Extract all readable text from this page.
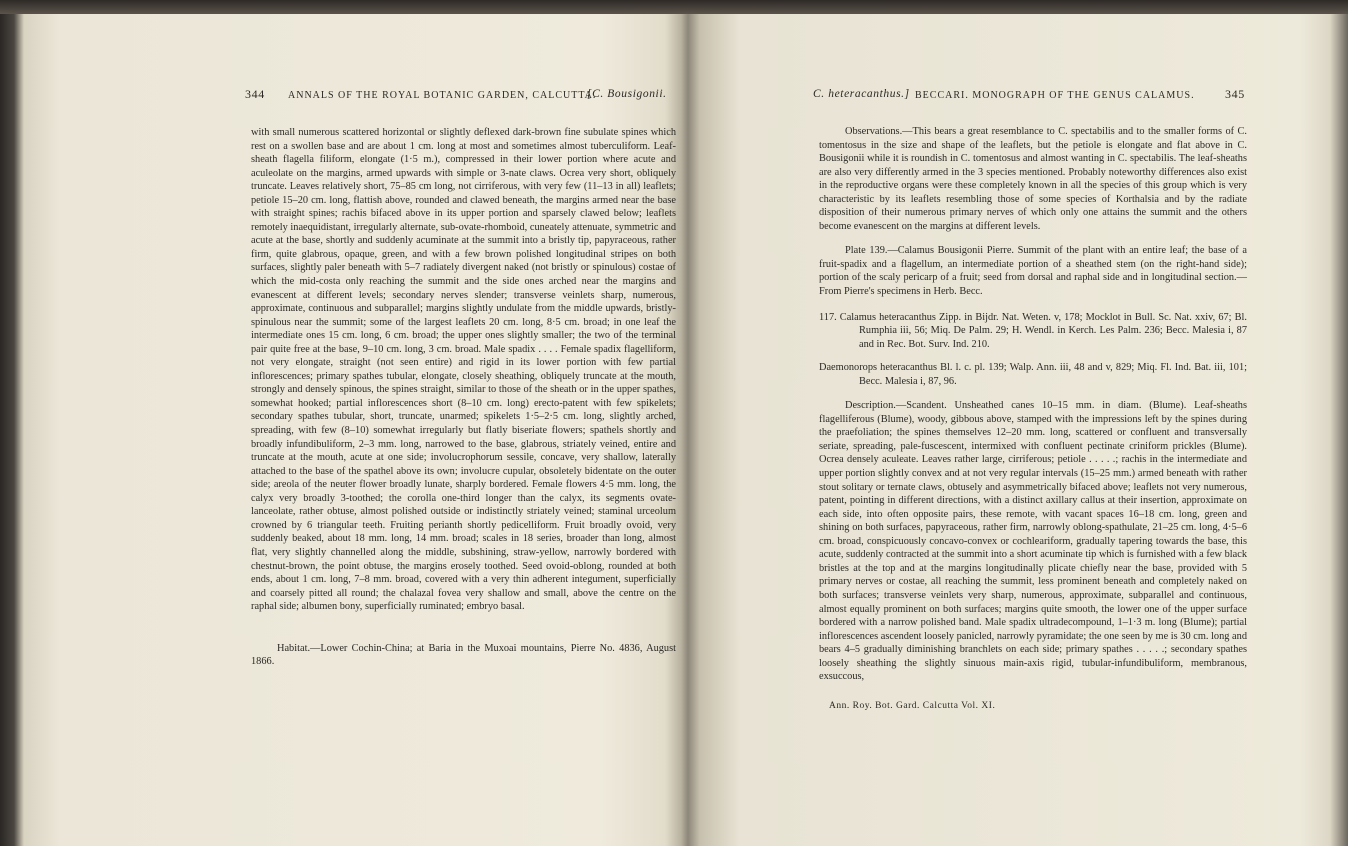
344 ANNALS OF THE ROYAL BOTANIC GARDEN, CALCUTTA.
[C. Bousigonii.

with small numerous scattered horizontal or slightly deflexed dark-brown fine subulate spines which rest on a swollen base and are about 1 cm. long at most and sometimes almost tuberculiform. Leaf-sheath flagella filiform, elongate (1·5 m.), compressed in their lower portion where acute and aculeolate on the margins, armed upwards with simple or 3-nate claws. Ocrea very short, obliquely truncate. Leaves relatively short, 75–85 cm long, not cirriferous, with very few (11–13 in all) leaflets; petiole 15–20 cm. long, flattish above, rounded and clawed beneath, the margins armed near the base with straight spines; rachis bifaced above in its upper portion and sparsely clawed below; leaflets remotely inaequidistant, irregularly alternate, sub-ovate-rhomboid, cuneately attenuate, symmetric and acute at the base, shortly and suddenly acuminate at the summit into a bristly tip, papyraceous, rather firm, quite glabrous, opaque, green, and with a few brown polished longitudinal stripes on both surfaces, slightly paler beneath with 5–7 radiately divergent naked (not bristly or spinulous) costae of which the mid-costa only reaching the summit and the side ones arched near the margins and evanescent at different levels; secondary nerves slender; transverse veinlets sharp, numerous, approximate, continuous and subparallel; margins slightly undulate from the middle upwards, bristly-spinulous near the summit; some of the largest leaflets 20 cm. long, 8·5 cm. broad; in one leaf the intermediate ones 15 cm. long, 6 cm. broad; the upper ones slightly smaller; the two of the terminal pair quite free at the base, 9–10 cm. long, 3 cm. broad. Male spadix . . . . Female spadix flagelliform, not very elongate, straight (not seen entire) and rigid in its lower portion with few partial inflorescences; primary spathes tubular, elongate, closely sheathing, obliquely truncate at the mouth, strongly and densely spinous, the spines straight, similar to those of the sheath or in the upper spathes, somewhat hooked; partial inflorescences short (8–10 cm. long) erecto-patent with few spikelets; secondary spathes tubular, short, truncate, unarmed; spikelets 1·5–2·5 cm. long, slightly arched, spreading, with few (8–10) somewhat irregularly but flatly biseriate flowers; spathels shortly and broadly infundibuliform, 2–3 mm. long, narrowed to the base, glabrous, striately veined, entire and truncate at the mouth, acute at one side; involucrophorum sessile, concave, very shallow, laterally attached to the base of the spathel above its own; involucre cupular, obsoletely bidentate on the outer side; areola of the neuter flower broadly lunate, sharply bordered. Female flowers 4·5 mm. long, the calyx very broadly 3-toothed; the corolla one-third longer than the calyx, its segments ovate-lanceolate, rather obtuse, almost polished outside or indistinctly striately veined; staminal urceolum crowned by 6 triangular teeth. Fruiting perianth shortly pedicelliform. Fruit broadly ovoid, very suddenly beaked, about 18 mm. long, 14 mm. broad; scales in 18 series, broader than long, almost flat, very slightly channelled along the middle, subshining, straw-yellow, narrowly bordered with chestnut-brown, the point obtuse, the margins erosely toothed. Seed ovoid-oblong, rounded at both ends, about 1 cm. long, 7–8 mm. broad, covered with a very thin adherent integument, superficially and coarsely pitted all round; the chalazal fovea very shallow and small, above the centre on the raphal side; albumen bony, superficially ruminated; embryo basal.

Habitat.—Lower Cochin-China; at Baria in the Muxoai mountains, Pierre No. 4836, August 1866.

C. heteracanthus.] BECCARI. MONOGRAPH OF THE GENUS CALAMUS.	345

Observations.—This bears a great resemblance to C. spectabilis and to the smaller forms of C. tomentosus in the size and shape of the leaflets, but the petiole is elongate and flat above in C. Bousigonii while it is roundish in C. tomentosus and almost wanting in C. spectabilis. The leaf-sheaths are also very differently armed in the 3 species mentioned. Probably noteworthy differences also exist in the reproductive organs were these completely known in all the species of this group which is very characteristic by its leaflets resembling those of some species of Korthalsia and by the radiate disposition of their numerous primary nerves of which only one attains the summit and the others become evanescent on the margins at different levels.

Plate 139.—Calamus Bousigonii Pierre. Summit of the plant with an entire leaf; the base of a fruit-spadix and a flagellum, an intermediate portion of a sheathed stem (on the right-hand side); portion of the scaly pericarp of a fruit; seed from dorsal and raphal side and in longitudinal section.—From Pierre's specimens in Herb. Becc.

117. Calamus heteracanthus Zipp. in Bijdr. Nat. Weten. v, 178; Mocklot in Bull. Sc. Nat. xxiv, 67; Bl. Rumphia iii, 56; Miq. De Palm. 29; H. Wendl. in Kerch. Les Palm. 236; Becc. Malesia i, 87 and in Rec. Bot. Surv. Ind. 210.

Daemonorops heteracanthus Bl. l. c. pl. 139; Walp. Ann. iii, 48 and v, 829; Miq. Fl. Ind. Bat. iii, 101; Becc. Malesia i, 87, 96.

Description.—Scandent. Unsheathed canes 10–15 mm. in diam. (Blume). Leaf-sheaths flagelliferous (Blume), woody, gibbous above, stamped with the impressions left by the spines during the praefoliation; the spines themselves 12–20 mm. long, scattered or confluent and transversally seriate, spreading, pale-fuscescent, intermixed with confluent pectinate criniform prickles (Blume). Ocrea densely aculeate. Leaves rather large, cirriferous; petiole . . . . .; rachis in the intermediate and upper portion slightly convex and at not very regular intervals (15–25 mm.) armed beneath with rather stout solitary or ternate claws, obtusely and asymmetrically bifaced above; leaflets not very numerous, patent, pointing in different directions, with a distinct axillary callus at their insertion, approximate on each side, into often opposite pairs, these remote, with vacant spaces 16–18 cm. long, green and shining on both surfaces, papyraceous, rather firm, narrowly oblong-spathulate, 21–25 cm. long, 4·5–6 cm. broad, conspicuously concavo-convex or cochleariform, gradually tapering towards the base, this acute, suddenly contracted at the summit into a short acuminate tip which is furnished with a few black bristles at the top and at the margins longitudinally plicate chiefly near the base, provided with 5 primary nerves or costae, all reaching the summit, less prominent beneath and completely naked on both surfaces; transverse veinlets very sharp, numerous, approximate, subparallel and continuous, almost equally prominent on both surfaces; margins quite smooth, the lower one of the upper surface bordered with a narrow polished band. Male spadix ultradecompound, 1–1·3 m. long (Blume); partial inflorescences ascendent loosely panicled, narrowly pyramidate; the one seen by me is 30 cm. long and bears 4–5 gradually diminishing branchlets on each side; primary spathes . . . . .; secondary spathes loosely sheathing the slightly sinuous main-axis rigid, tubular-infundibuliform, membranous, exsuccous,

Ann. Roy. Bot. Gard. Calcutta Vol. XI.
